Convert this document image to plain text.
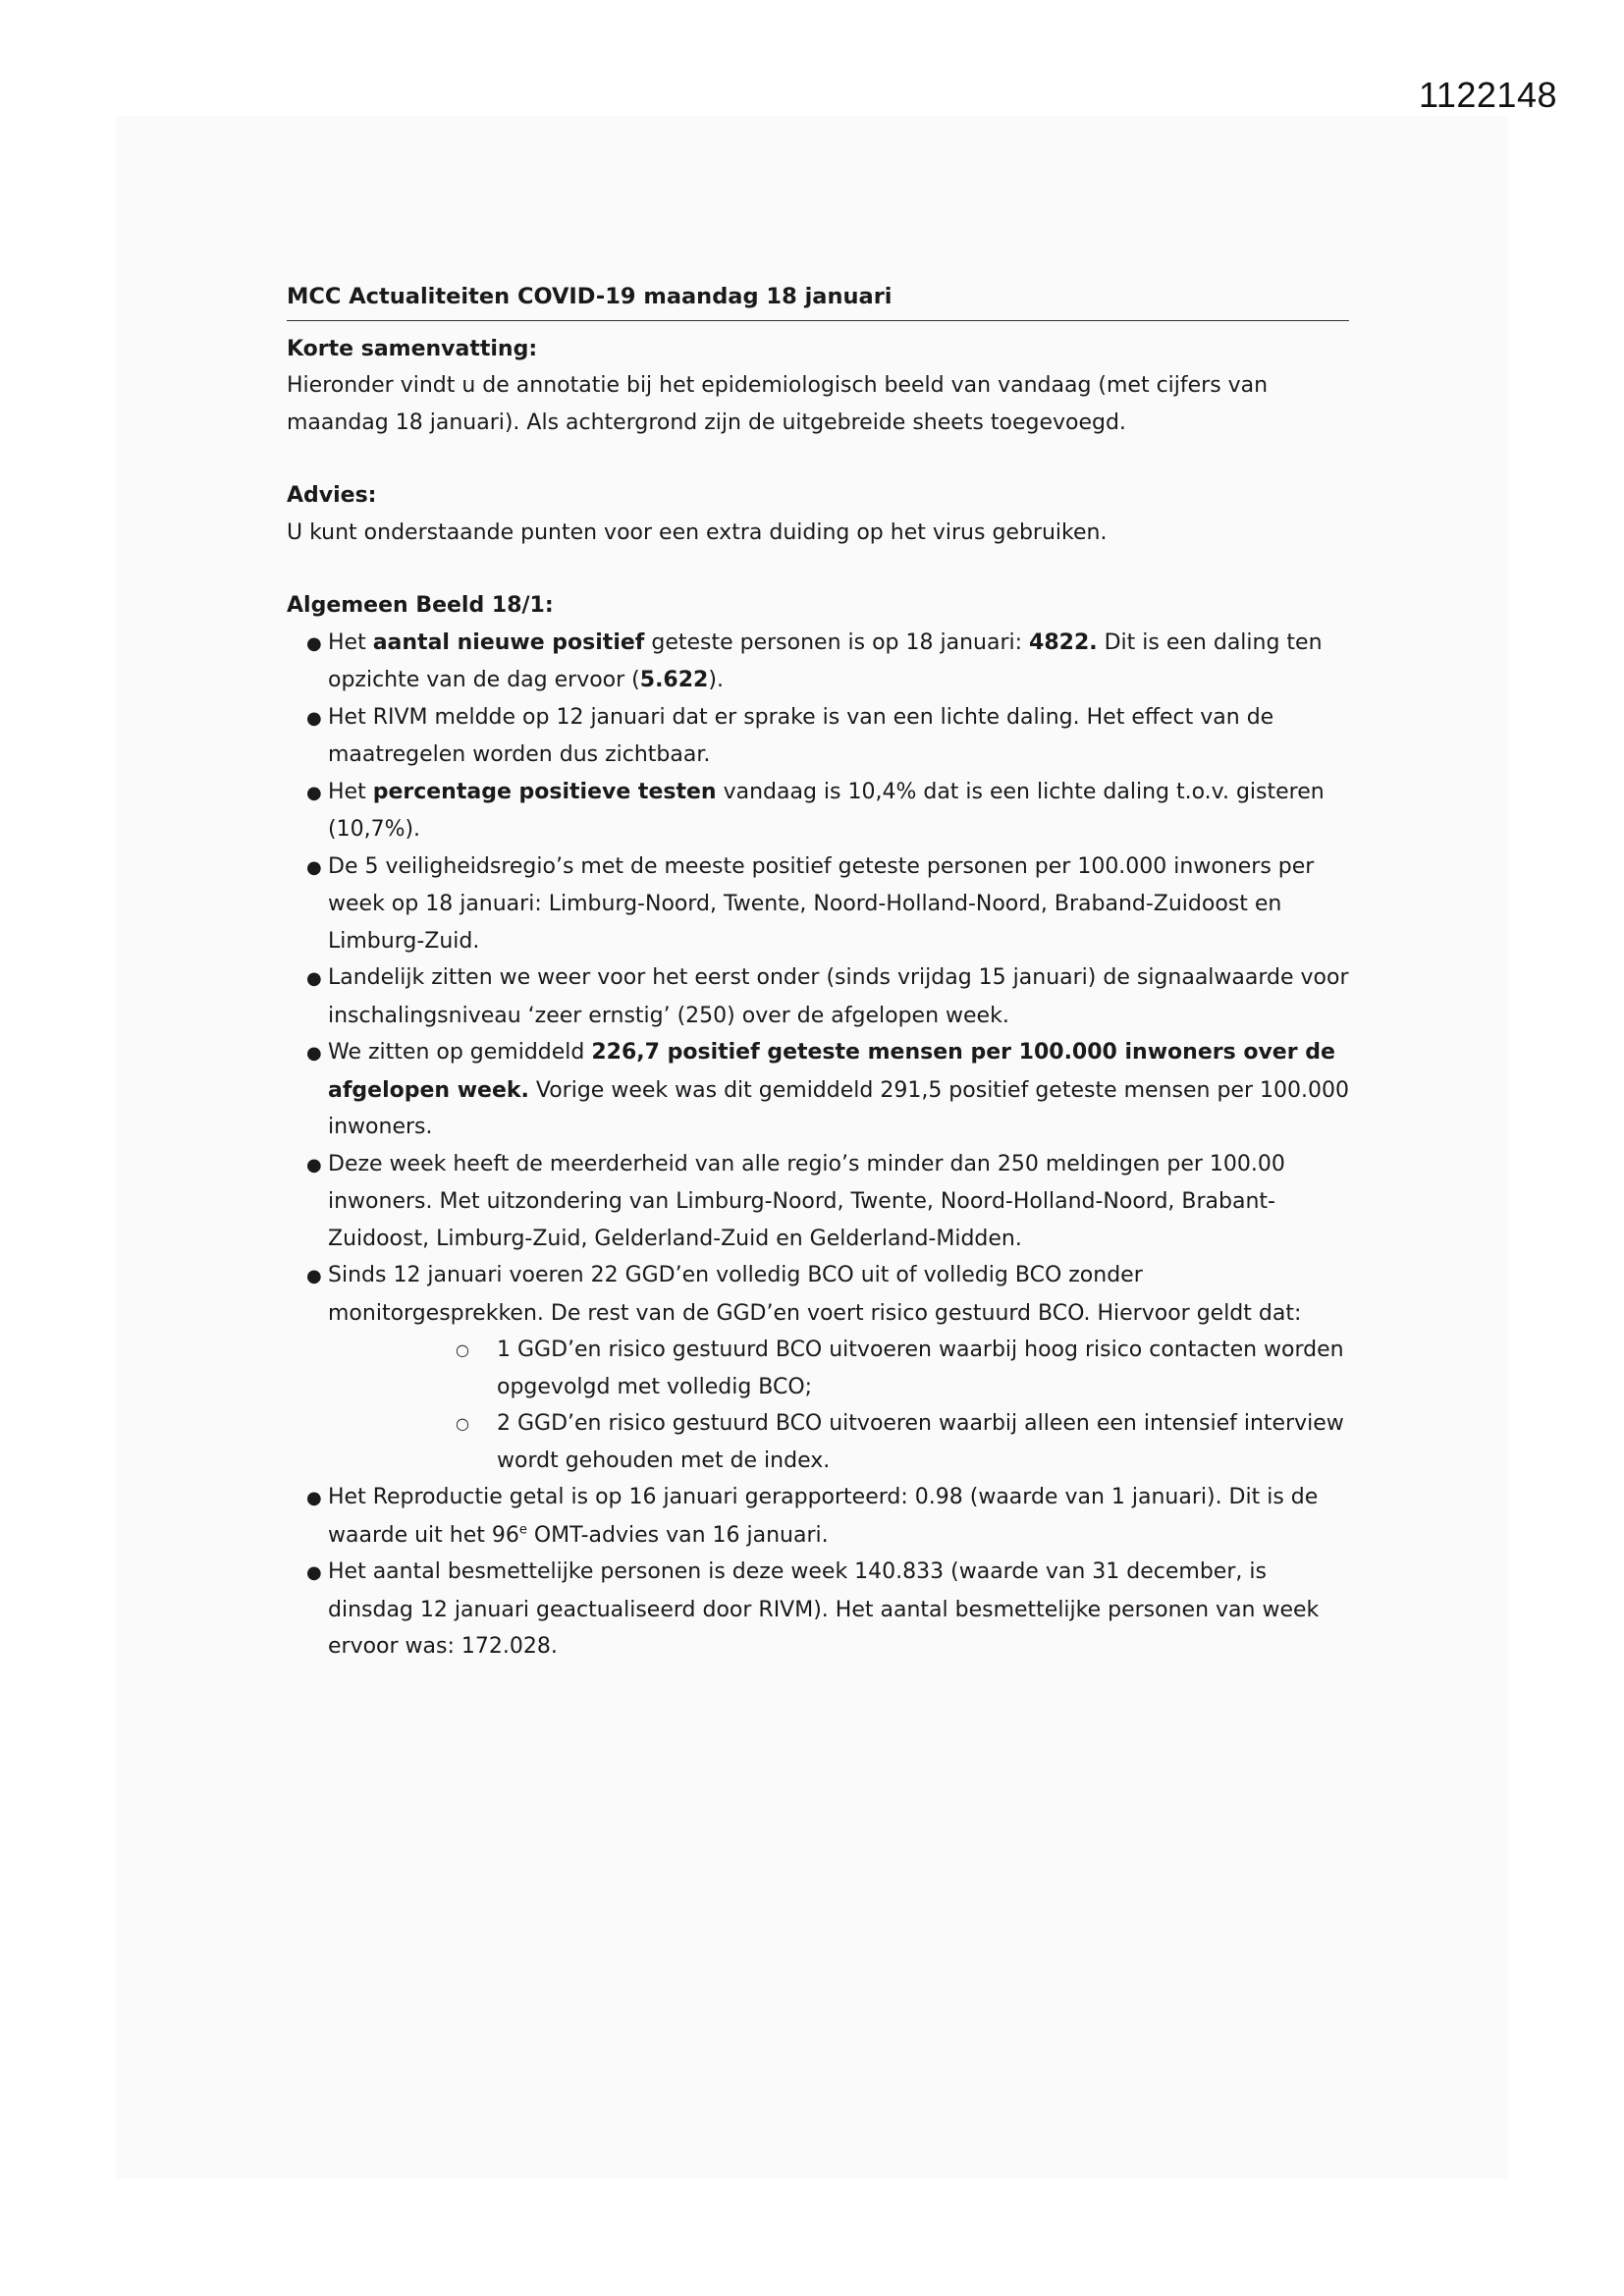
1122148
MCC Actualiteiten COVID-19 maandag 18 januari
Korte samenvatting:

Hieronder vindt u de annotatie bij het epidemiologisch beeld van vandaag (met cijfers van maandag 18 januari). Als achtergrond zijn de uitgebreide sheets toegevoegd.

Advies:

U kunt onderstaande punten voor een extra duiding op het virus gebruiken.

Algemeen Beeld 18/1:
● Het aantal nieuwe positief geteste personen is op 18 januari: 4822. Dit is een daling ten opzichte van de dag ervoor (5.622).
● Het RIVM meldde op 12 januari dat er sprake is van een lichte daling. Het effect van de maatregelen worden dus zichtbaar.
● Het percentage positieve testen vandaag is 10,4% dat is een lichte daling t.o.v. gisteren (10,7%).
● De 5 veiligheidsregio’s met de meeste positief geteste personen per 100.000 inwoners per week op 18 januari: Limburg-Noord, Twente, Noord-Holland-Noord, Braband-Zuidoost en Limburg-Zuid.
● Landelijk zitten we weer voor het eerst onder (sinds vrijdag 15 januari) de signaalwaarde voor inschalingsniveau ‘zeer ernstig’ (250) over de afgelopen week.
● We zitten op gemiddeld 226,7 positief geteste mensen per 100.000 inwoners over de afgelopen week. Vorige week was dit gemiddeld 291,5 positief geteste mensen per 100.000 inwoners.
● Deze week heeft de meerderheid van alle regio’s minder dan 250 meldingen per 100.00 inwoners. Met uitzondering van Limburg-Noord, Twente, Noord-Holland-Noord, Brabant-Zuidoost, Limburg-Zuid, Gelderland-Zuid en Gelderland-Midden.
● Sinds 12 januari voeren 22 GGD’en volledig BCO uit of volledig BCO zonder monitorgesprekken. De rest van de GGD’en voert risico gestuurd BCO. Hiervoor geldt dat:
○ 1 GGD’en risico gestuurd BCO uitvoeren waarbij hoog risico contacten worden opgevolgd met volledig BCO;
○ 2 GGD’en risico gestuurd BCO uitvoeren waarbij alleen een intensief interview wordt gehouden met de index.
● Het Reproductie getal is op 16 januari gerapporteerd: 0.98 (waarde van 1 januari). Dit is de waarde uit het 96e OMT-advies van 16 januari.
● Het aantal besmettelijke personen is deze week 140.833 (waarde van 31 december, is dinsdag 12 januari geactualiseerd door RIVM). Het aantal besmettelijke personen van week ervoor was: 172.028.
